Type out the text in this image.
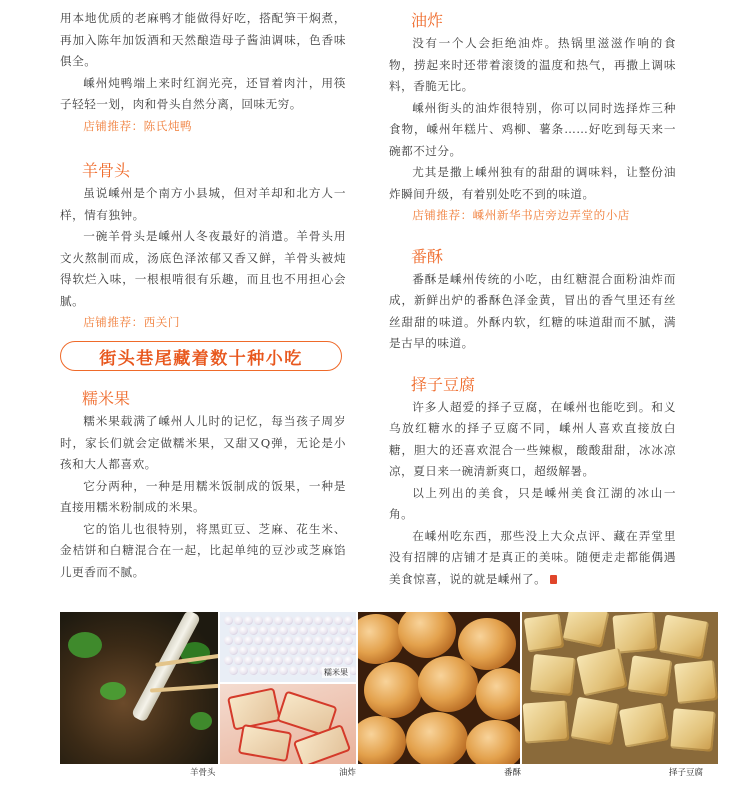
用本地优质的老麻鸭才能做得好吃，搭配笋干焖煮，再加入陈年加饭酒和天然酿造母子酱油调味，色香味俱全。

嵊州炖鸭端上来时红润光亮，还冒着肉汁，用筷子轻轻一划，肉和骨头自然分离，回味无穷。

店铺推荐：陈氏炖鸭

羊骨头

虽说嵊州是个南方小县城，但对羊却和北方人一样，情有独钟。

一碗羊骨头是嵊州人冬夜最好的消遣。羊骨头用文火熬制而成，汤底色泽浓郁又香又鲜，羊骨头被炖得软烂入味，一根根啃很有乐趣，而且也不用担心会腻。

店铺推荐：西关门

街头巷尾藏着数十种小吃
糯米果

糯米果载满了嵊州人儿时的记忆，每当孩子周岁时，家长们就会定做糯米果，又甜又Q弹，无论是小孩和大人都喜欢。

它分两种，一种是用糯米饭制成的饭果，一种是直接用糯米粉制成的米果。

它的馅儿也很特别，将黑豇豆、芝麻、花生米、金桔饼和白糖混合在一起，比起单纯的豆沙或芝麻馅儿更香而不腻。

油炸

没有一个人会拒绝油炸。热锅里滋滋作响的食物，捞起来时还带着滚烫的温度和热气，再撒上调味料，香脆无比。

嵊州街头的油炸很特别，你可以同时选择炸三种食物，嵊州年糕片、鸡柳、薯条……好吃到每天来一碗都不过分。

尤其是撒上嵊州独有的甜甜的调味料，让整份油炸瞬间升级，有着别处吃不到的味道。

店铺推荐：嵊州新华书店旁边弄堂的小店

番酥

番酥是嵊州传统的小吃，由红糖混合面粉油炸而成，新鲜出炉的番酥色泽金黄，冒出的香气里还有丝丝甜甜的味道。外酥内软，红糖的味道甜而不腻，满是古早的味道。

择子豆腐

许多人超爱的择子豆腐，在嵊州也能吃到。和义乌放红糖水的择子豆腐不同，嵊州人喜欢直接放白糖，胆大的还喜欢混合一些辣椒，酸酸甜甜，冰冰凉凉，夏日来一碗清新爽口，超级解暑。

以上列出的美食，只是嵊州美食江湖的冰山一角。

在嵊州吃东西，那些没上大众点评、藏在弄堂里没有招牌的店铺才是真正的美味。随便走走都能偶遇美食惊喜，说的就是嵊州了。

糯米果
羊骨头	油炸	番酥	择子豆腐
